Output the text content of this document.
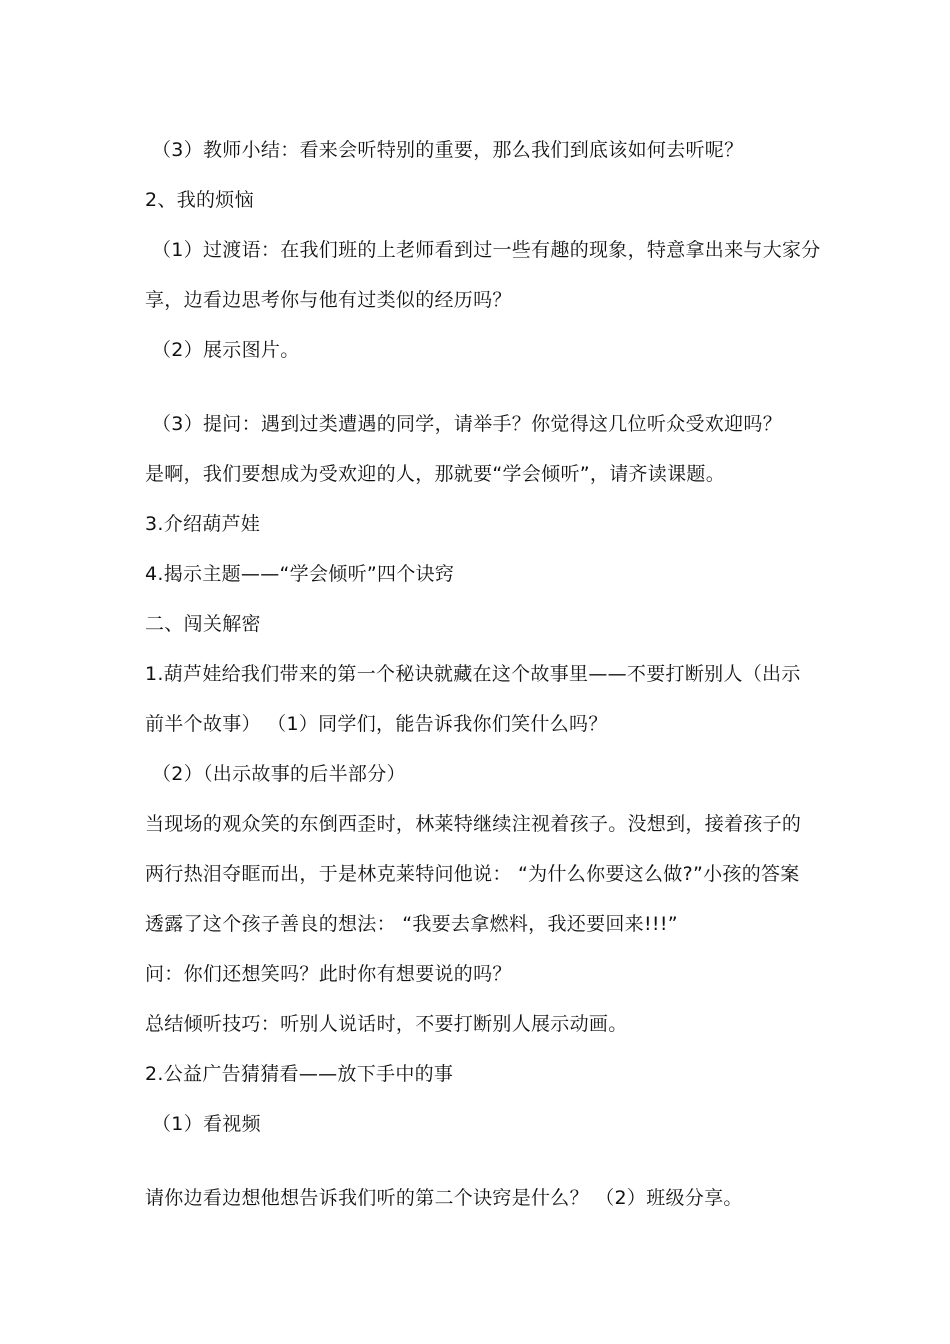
（3）教师小结：看来会听特别的重要，那么我们到底该如何去听呢？
2、我的烦恼
（1）过渡语：在我们班的上老师看到过一些有趣的现象，特意拿出来与大家分
享，边看边思考你与他有过类似的经历吗？
（2）展示图片。
（3）提问：遇到过类遭遇的同学，请举手？你觉得这几位听众受欢迎吗？
是啊，我们要想成为受欢迎的人，那就要“学会倾听”，请齐读课题。
3.介绍葫芦娃
4.揭示主题——“学会倾听”四个诀窍
二、闯关解密
1.葫芦娃给我们带来的第一个秘诀就藏在这个故事里——不要打断别人（出示
前半个故事） （1）同学们，能告诉我你们笑什么吗？
（2）（出示故事的后半部分）
当现场的观众笑的东倒西歪时，林莱特继续注视着孩子。没想到，接着孩子的
两行热泪夺眶而出，于是林克莱特问他说： “为什么你要这么做?”小孩的答案
透露了这个孩子善良的想法： “我要去拿燃料，我还要回来!!!”
问：你们还想笑吗？此时你有想要说的吗？
总结倾听技巧：听别人说话时，不要打断别人展示动画。
2.公益广告猜猜看——放下手中的事
（1）看视频
请你边看边想他想告诉我们听的第二个诀窍是什么？ （2）班级分享。
